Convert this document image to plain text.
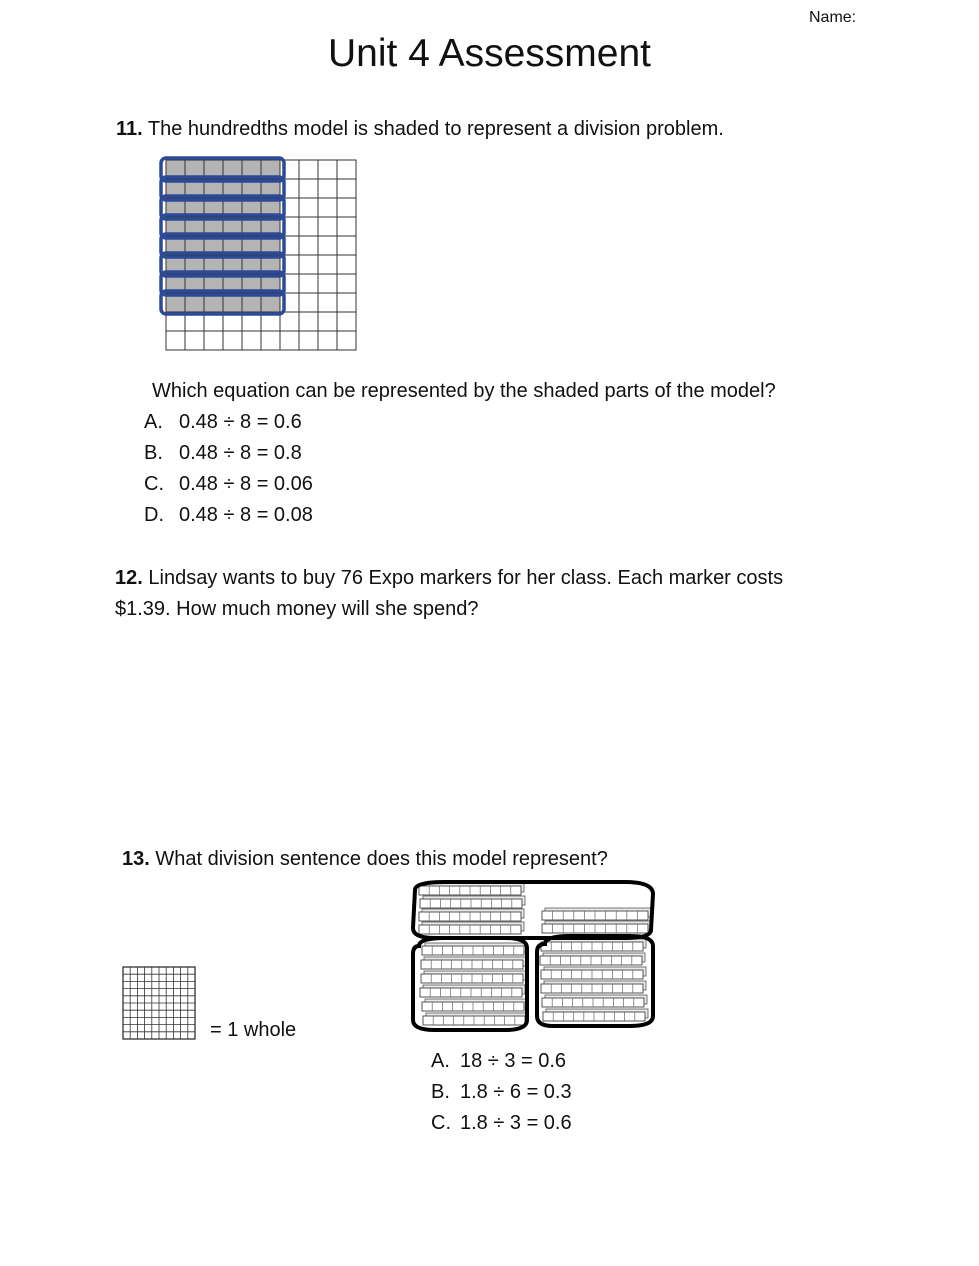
Name:
Unit 4 Assessment
11. The hundredths model is shaded to represent a division problem.
Which equation can be represented by the shaded parts of the model?
A. 0.48 ÷ 8 = 0.6
B. 0.48 ÷ 8 = 0.8
C. 0.48 ÷ 8 = 0.06
D. 0.48 ÷ 8 = 0.08
12. Lindsay wants to buy 76 Expo markers for her class. Each marker costs
$1.39. How much money will she spend?
13. What division sentence does this model represent?
= 1 whole
A. 18 ÷ 3 = 0.6
B. 1.8 ÷ 6 = 0.3
C. 1.8 ÷ 3 = 0.6
